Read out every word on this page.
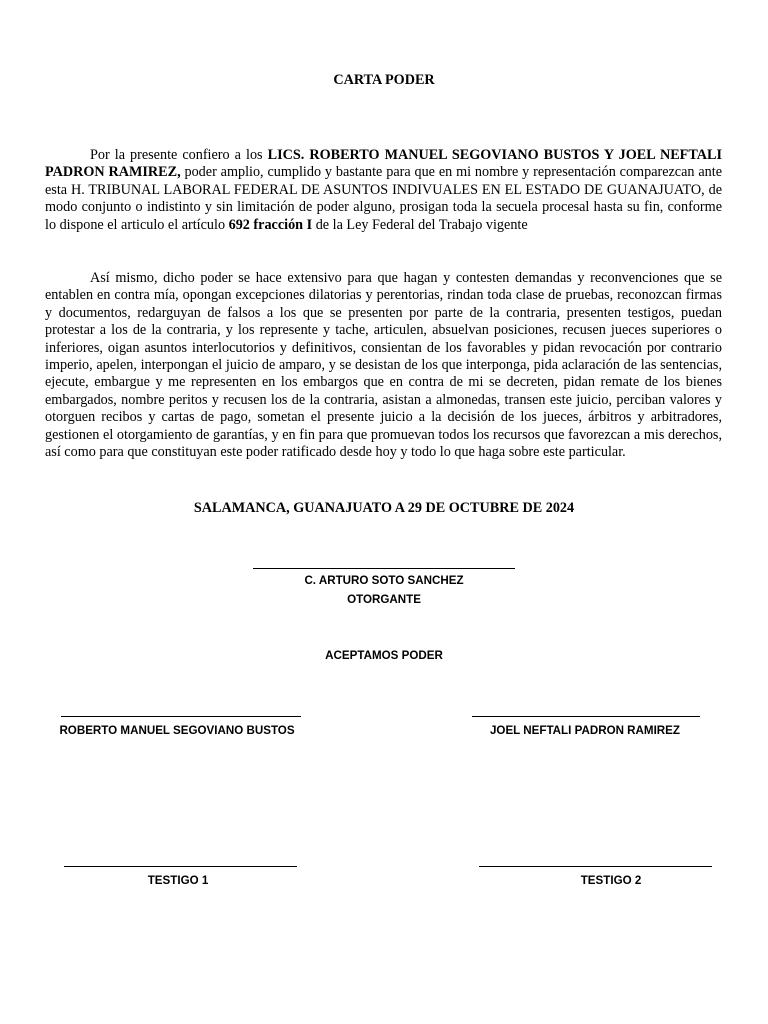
CARTA PODER

Por la presente confiero a los LICS. ROBERTO MANUEL SEGOVIANO BUSTOS Y JOEL NEFTALI PADRON RAMIREZ, poder amplio, cumplido y bastante para que en mi nombre y representación comparezcan ante esta H. TRIBUNAL LABORAL FEDERAL DE ASUNTOS INDIVUALES EN EL ESTADO DE GUANAJUATO, de modo conjunto o indistinto y sin limitación de poder alguno, prosigan toda la secuela procesal hasta su fin, conforme lo dispone el articulo el artículo 692 fracción I de la Ley Federal del Trabajo vigente

Así mismo, dicho poder se hace extensivo para que hagan y contesten demandas y reconvenciones que se entablen en contra mía, opongan excepciones dilatorias y perentorias, rindan toda clase de pruebas, reconozcan firmas y documentos, redarguyan de falsos a los que se presenten por parte de la contraria, presenten testigos, puedan protestar a los de la contraria, y los represente y tache, articulen, absuelvan posiciones, recusen jueces superiores o inferiores, oigan asuntos interlocutorios y definitivos, consientan de los favorables y pidan revocación por contrario imperio, apelen, interpongan el juicio de amparo, y se desistan de los que interponga, pida aclaración de las sentencias, ejecute, embargue y me representen en los embargos que en contra de mi se decreten, pidan remate de los bienes embargados, nombre peritos y recusen los de la contraria, asistan a almonedas, transen este juicio, perciban valores y otorguen recibos y cartas de pago, sometan el presente juicio a la decisión de los jueces, árbitros y arbitradores, gestionen el otorgamiento de garantías, y en fin para que promuevan todos los recursos que favorezcan a mis derechos, así como para que constituyan este poder ratificado desde hoy y todo lo que haga sobre este particular.

SALAMANCA, GUANAJUATO A 29 DE OCTUBRE DE 2024
C. ARTURO SOTO SANCHEZ
OTORGANTE
ACEPTAMOS PODER
ROBERTO MANUEL SEGOVIANO BUSTOS	JOEL NEFTALI PADRON RAMIREZ
TESTIGO 1	TESTIGO 2
